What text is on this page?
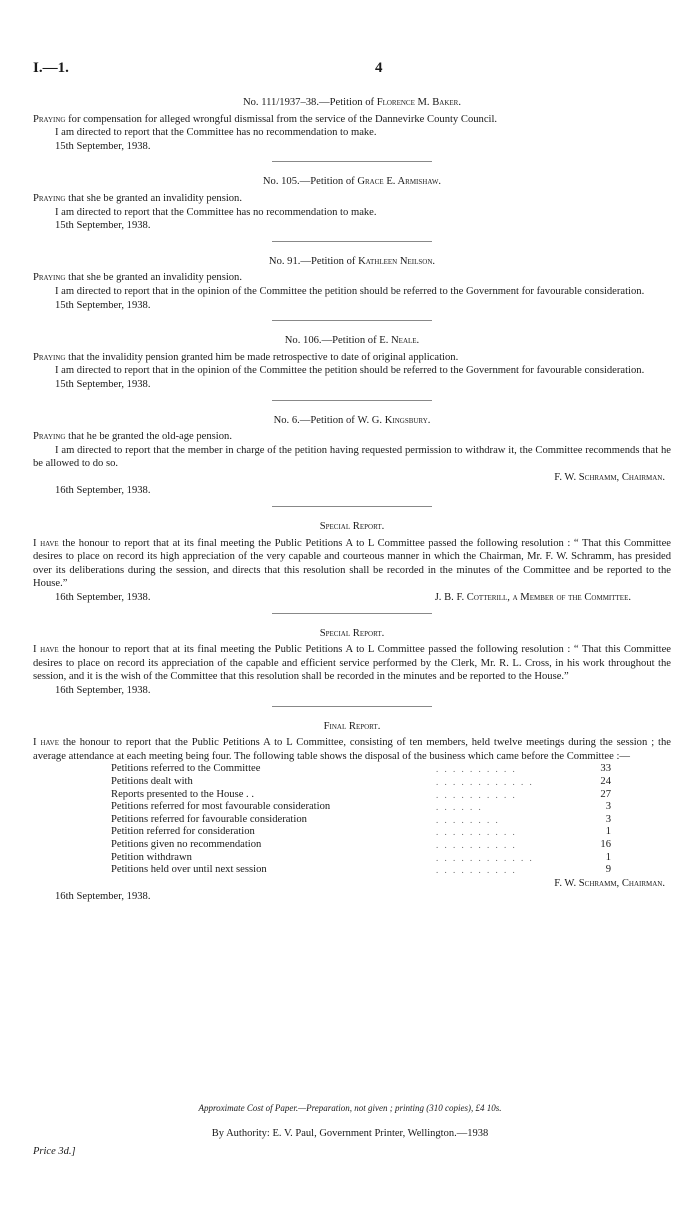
I.—1.	4
No. 111/1937–38.—Petition of Florence M. Baker.

Praying for compensation for alleged wrongful dismissal from the service of the Dannevirke County Council.

I am directed to report that the Committee has no recommendation to make.

15th September, 1938.
No. 105.—Petition of Grace E. Armishaw.

Praying that she be granted an invalidity pension.

I am directed to report that the Committee has no recommendation to make.

15th September, 1938.
No. 91.—Petition of Kathleen Neilson.

Praying that she be granted an invalidity pension.

I am directed to report that in the opinion of the Committee the petition should be referred to the Government for favourable consideration.

15th September, 1938.
No. 106.—Petition of E. Neale.

Praying that the invalidity pension granted him be made retrospective to date of original application.

I am directed to report that in the opinion of the Committee the petition should be referred to the Government for favourable consideration.

15th September, 1938.
No. 6.—Petition of W. G. Kingsbury.

Praying that he be granted the old-age pension.

I am directed to report that the member in charge of the petition having requested permission to withdraw it, the Committee recommends that he be allowed to do so.

F. W. Schramm, Chairman.
16th September, 1938.
Special Report.

I have the honour to report that at its final meeting the Public Petitions A to L Committee passed the following resolution : “ That this Committee desires to place on record its high appreciation of the very capable and courteous manner in which the Chairman, Mr. F. W. Schramm, has presided over its deliberations during the session, and directs that this resolution shall be recorded in the minutes of the Committee and be reported to the House.”

16th September, 1938.	J. B. F. Cotterill, a Member of the Committee.
Special Report.

I have the honour to report that at its final meeting the Public Petitions A to L Committee passed the following resolution : “ That this Committee desires to place on record its appreciation of the capable and efficient service performed by the Clerk, Mr. R. L. Cross, in his work throughout the session, and it is the wish of the Committee that this resolution shall be recorded in the minutes and be reported to the House.”

16th September, 1938.
Final Report.

I have the honour to report that the Public Petitions A to L Committee, consisting of ten members, held twelve meetings during the session ; the average attendance at each meeting being four. The following table shows the disposal of the business which came before the Committee :—

Petitions referred to the Committee	. . . . . . . . . .	33
Petitions dealt with	. . . . . . . . . . . .	24
Reports presented to the House . .	. . . . . . . . . .	27
Petitions referred for most favourable consideration	. . . . . .	3
Petitions referred for favourable consideration	. . . . . . . .	3
Petition referred for consideration	. . . . . . . . . .	1
Petitions given no recommendation	. . . . . . . . . .	16
Petition withdrawn	. . . . . . . . . . . .	1
Petitions held over until next session	. . . . . . . . . .	9
F. W. Schramm, Chairman.
16th September, 1938.
Approximate Cost of Paper.—Preparation, not given ; printing (310 copies), £4 10s.
By Authority: E. V. Paul, Government Printer, Wellington.—1938
Price 3d.]
